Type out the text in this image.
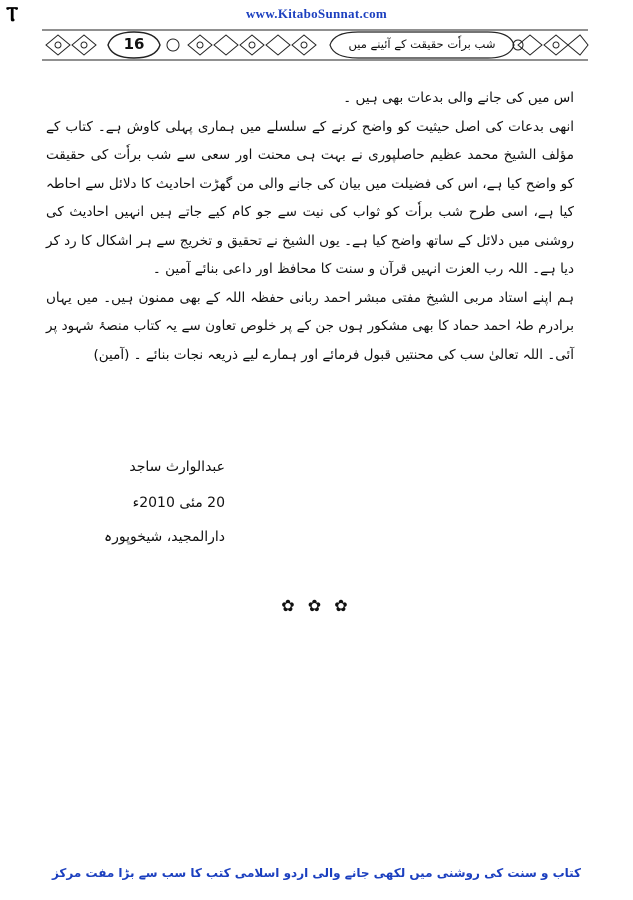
Ⲧ	www.KitaboSunnat.com
16	شب براٗت حقیقت کے آئینے میں

اس میں کی جانے والی بدعات بھی ہیں ۔

انھی بدعات کی اصل حیثیت کو واضح کرنے کے سلسلے میں ہماری پہلی کاوش ہے۔ کتاب کے مؤلف الشیخ محمد عظیم حاصلپوری نے بہت ہی محنت اور سعی سے شب براٗت کی حقیقت کو واضح کیا ہے، اس کی فضیلت میں بیان کی جانے والی من گھڑت احادیث کا دلائل سے احاطہ کیا ہے، اسی طرح شب براٗت کو ثواب کی نیت سے جو کام کیے جاتے ہیں انہیں احادیث کی روشنی میں دلائل کے ساتھ واضح کیا ہے۔ یوں الشیخ نے تحقیق و تخریج سے ہر اشکال کا رد کر دیا ہے۔ اللہ رب العزت انہیں قرآن و سنت کا محافظ اور داعی بنائے آمین ۔

ہم اپنے استاد مربی الشیخ مفتی مبشر احمد ربانی حفظہ اللہ کے بھی ممنون ہیں۔ میں یہاں برادرم طہٰ احمد حماد کا بھی مشکور ہوں جن کے پر خلوص تعاون سے یہ کتاب منصۂ شہود پر آئی۔ اللہ تعالیٰ سب کی محنتیں قبول فرمائے اور ہمارے لیے ذریعہ نجات بنائے ۔ (آمین)

عبدالوارث ساجد
20 مئی 2010ء
دارالمجید، شیخوپورہ
✿ ✿ ✿
کتاب و سنت کی روشنی میں لکھی جانے والی اردو اسلامی کتب کا سب سے بڑا مفت مرکز
